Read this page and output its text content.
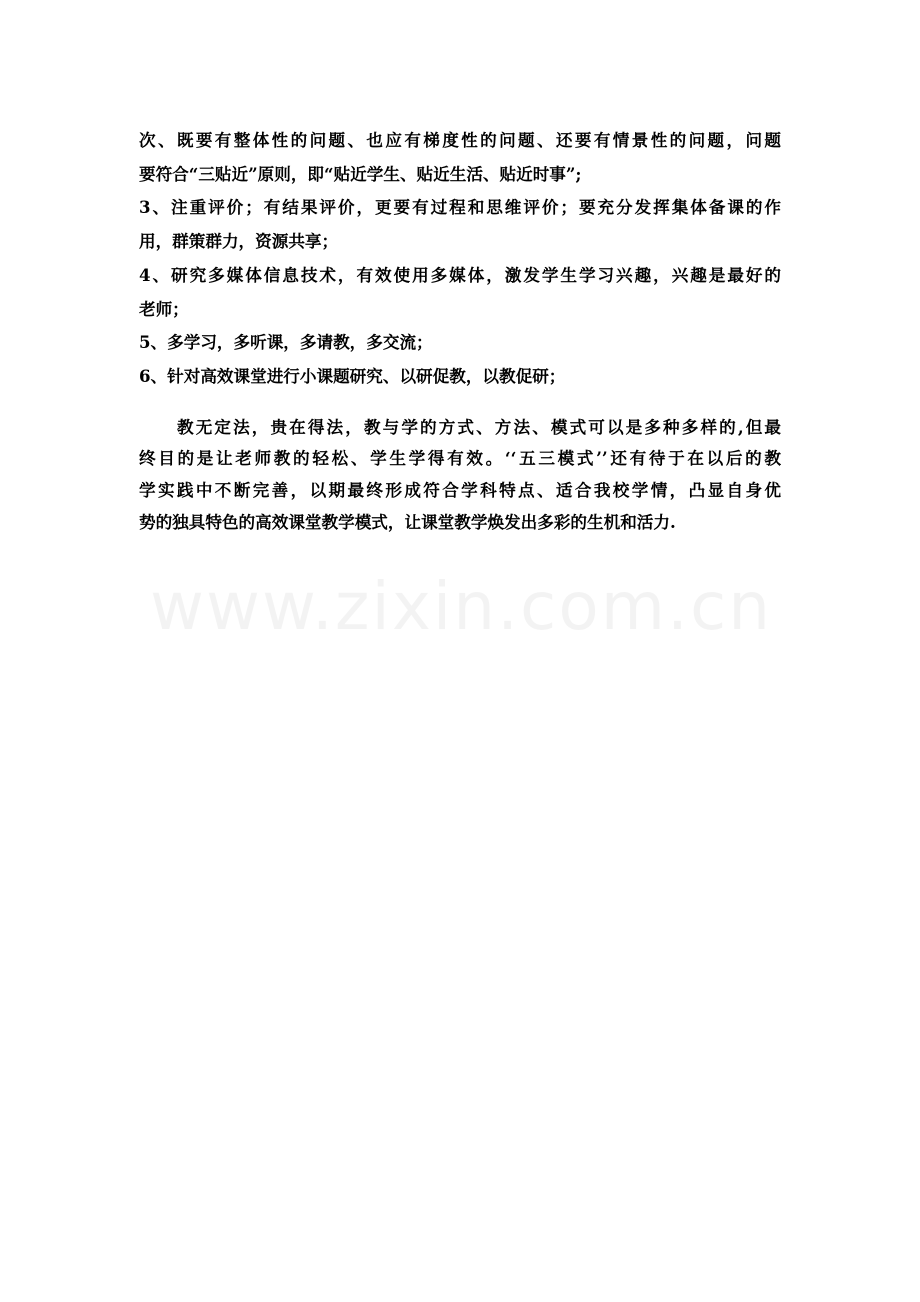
次、既要有整体性的问题、也应有梯度性的问题、还要有情景性的问题，问题

要符合“三贴近”原则，即“贴近学生、贴近生活、贴近时事”;

3、注重评价；有结果评价，更要有过程和思维评价；要充分发挥集体备课的作

用，群策群力，资源共享；

4、研究多媒体信息技术，有效使用多媒体，激发学生学习兴趣，兴趣是最好的

老师；

5、多学习，多听课，多请教，多交流；

6、针对高效课堂进行小课题研究、以研促教，以教促研；

教无定法，贵在得法，教与学的方式、方法、模式可以是多种多样的,但最

终目的是让老师教的轻松、学生学得有效。‘‘五三模式’’还有待于在以后的教

学实践中不断完善，以期最终形成符合学科特点、适合我校学情，凸显自身优

势的独具特色的高效课堂教学模式，让课堂教学焕发出多彩的生机和活力.
